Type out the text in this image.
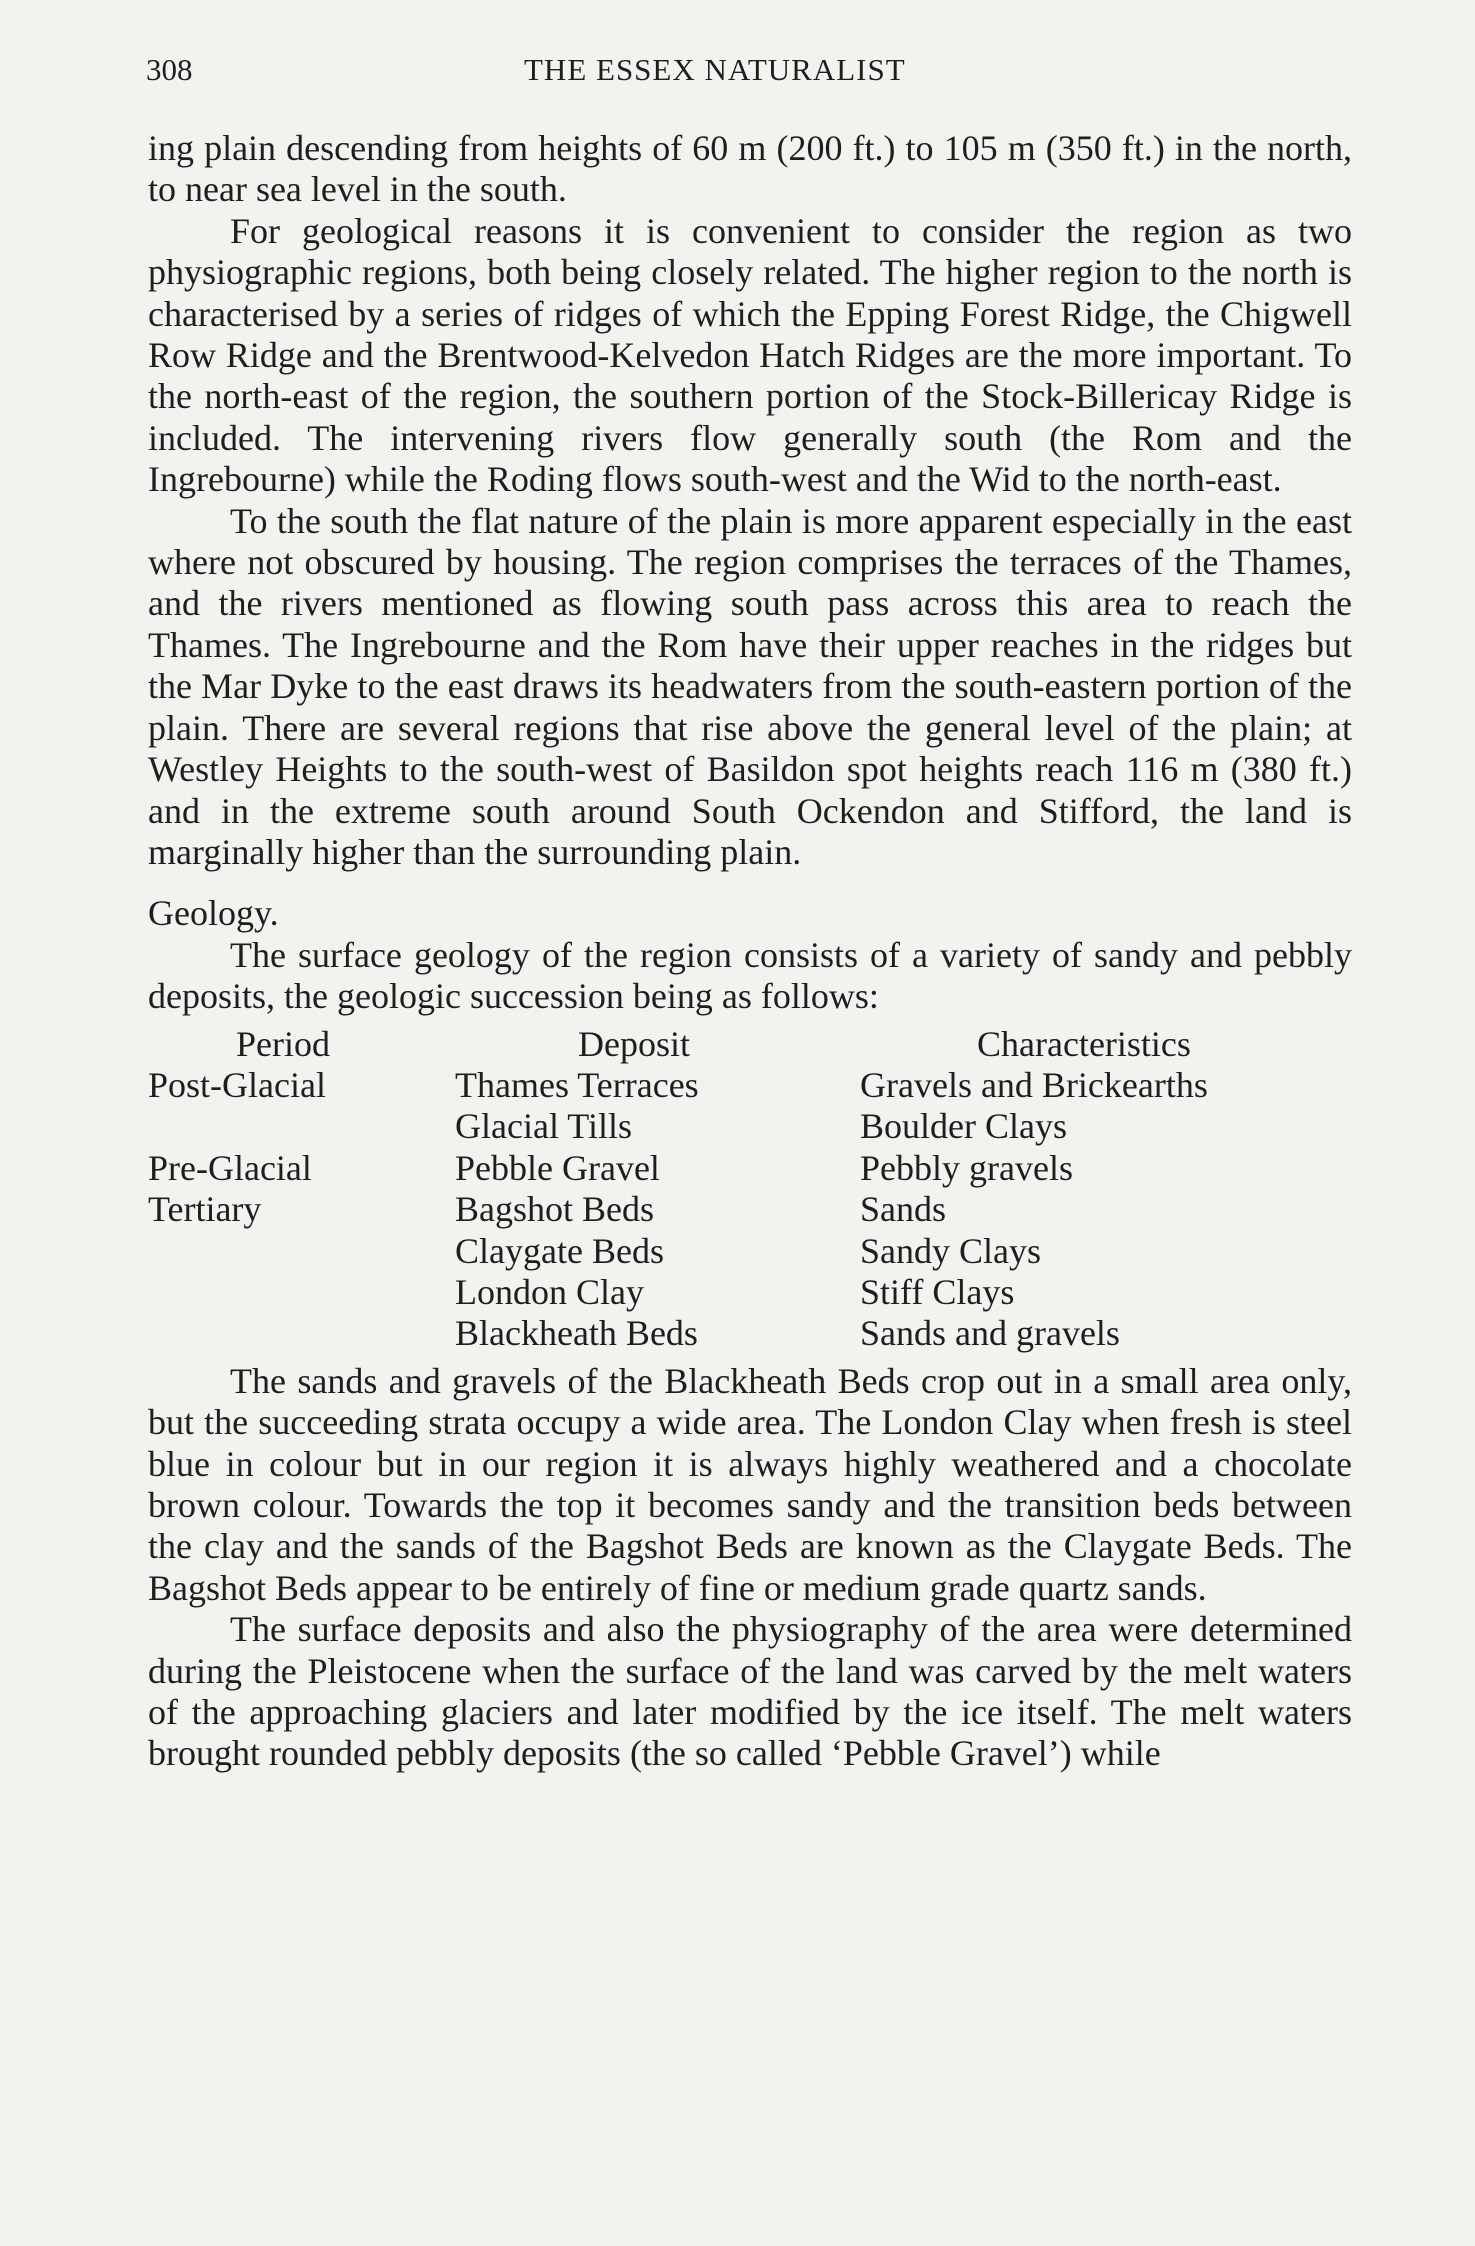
308	THE ESSEX NATURALIST

ing plain descending from heights of 60 m (200 ft.) to 105 m (350 ft.) in the north, to near sea level in the south.

For geological reasons it is convenient to consider the region as two physiographic regions, both being closely related. The higher region to the north is characterised by a series of ridges of which the Epping Forest Ridge, the Chigwell Row Ridge and the Brentwood-Kelvedon Hatch Ridges are the more important. To the north-east of the region, the southern portion of the Stock-Billericay Ridge is included. The intervening rivers flow generally south (the Rom and the Ingrebourne) while the Roding flows south-west and the Wid to the north-east.

To the south the flat nature of the plain is more apparent especially in the east where not obscured by housing. The region comprises the terraces of the Thames, and the rivers mentioned as flowing south pass across this area to reach the Thames. The Ingrebourne and the Rom have their upper reaches in the ridges but the Mar Dyke to the east draws its headwaters from the south-eastern portion of the plain. There are several regions that rise above the general level of the plain; at Westley Heights to the south-west of Basildon spot heights reach 116 m (380 ft.) and in the extreme south around South Ockendon and Stifford, the land is marginally higher than the surrounding plain.

Geology.

The surface geology of the region consists of a variety of sandy and pebbly deposits, the geologic succession being as follows:

Period	Deposit	Characteristics
Post-Glacial	Thames Terraces	Gravels and Brickearths
	Glacial Tills	Boulder Clays
Pre-Glacial	Pebble Gravel	Pebbly gravels
Tertiary	Bagshot Beds	Sands
	Claygate Beds	Sandy Clays
	London Clay	Stiff Clays
	Blackheath Beds	Sands and gravels

The sands and gravels of the Blackheath Beds crop out in a small area only, but the succeeding strata occupy a wide area. The London Clay when fresh is steel blue in colour but in our region it is always highly weathered and a chocolate brown colour. Towards the top it becomes sandy and the transition beds between the clay and the sands of the Bagshot Beds are known as the Claygate Beds. The Bagshot Beds appear to be entirely of fine or medium grade quartz sands.

The surface deposits and also the physiography of the area were determined during the Pleistocene when the surface of the land was carved by the melt waters of the approaching glaciers and later modified by the ice itself. The melt waters brought rounded pebbly deposits (the so called ‘Pebble Gravel’) while
